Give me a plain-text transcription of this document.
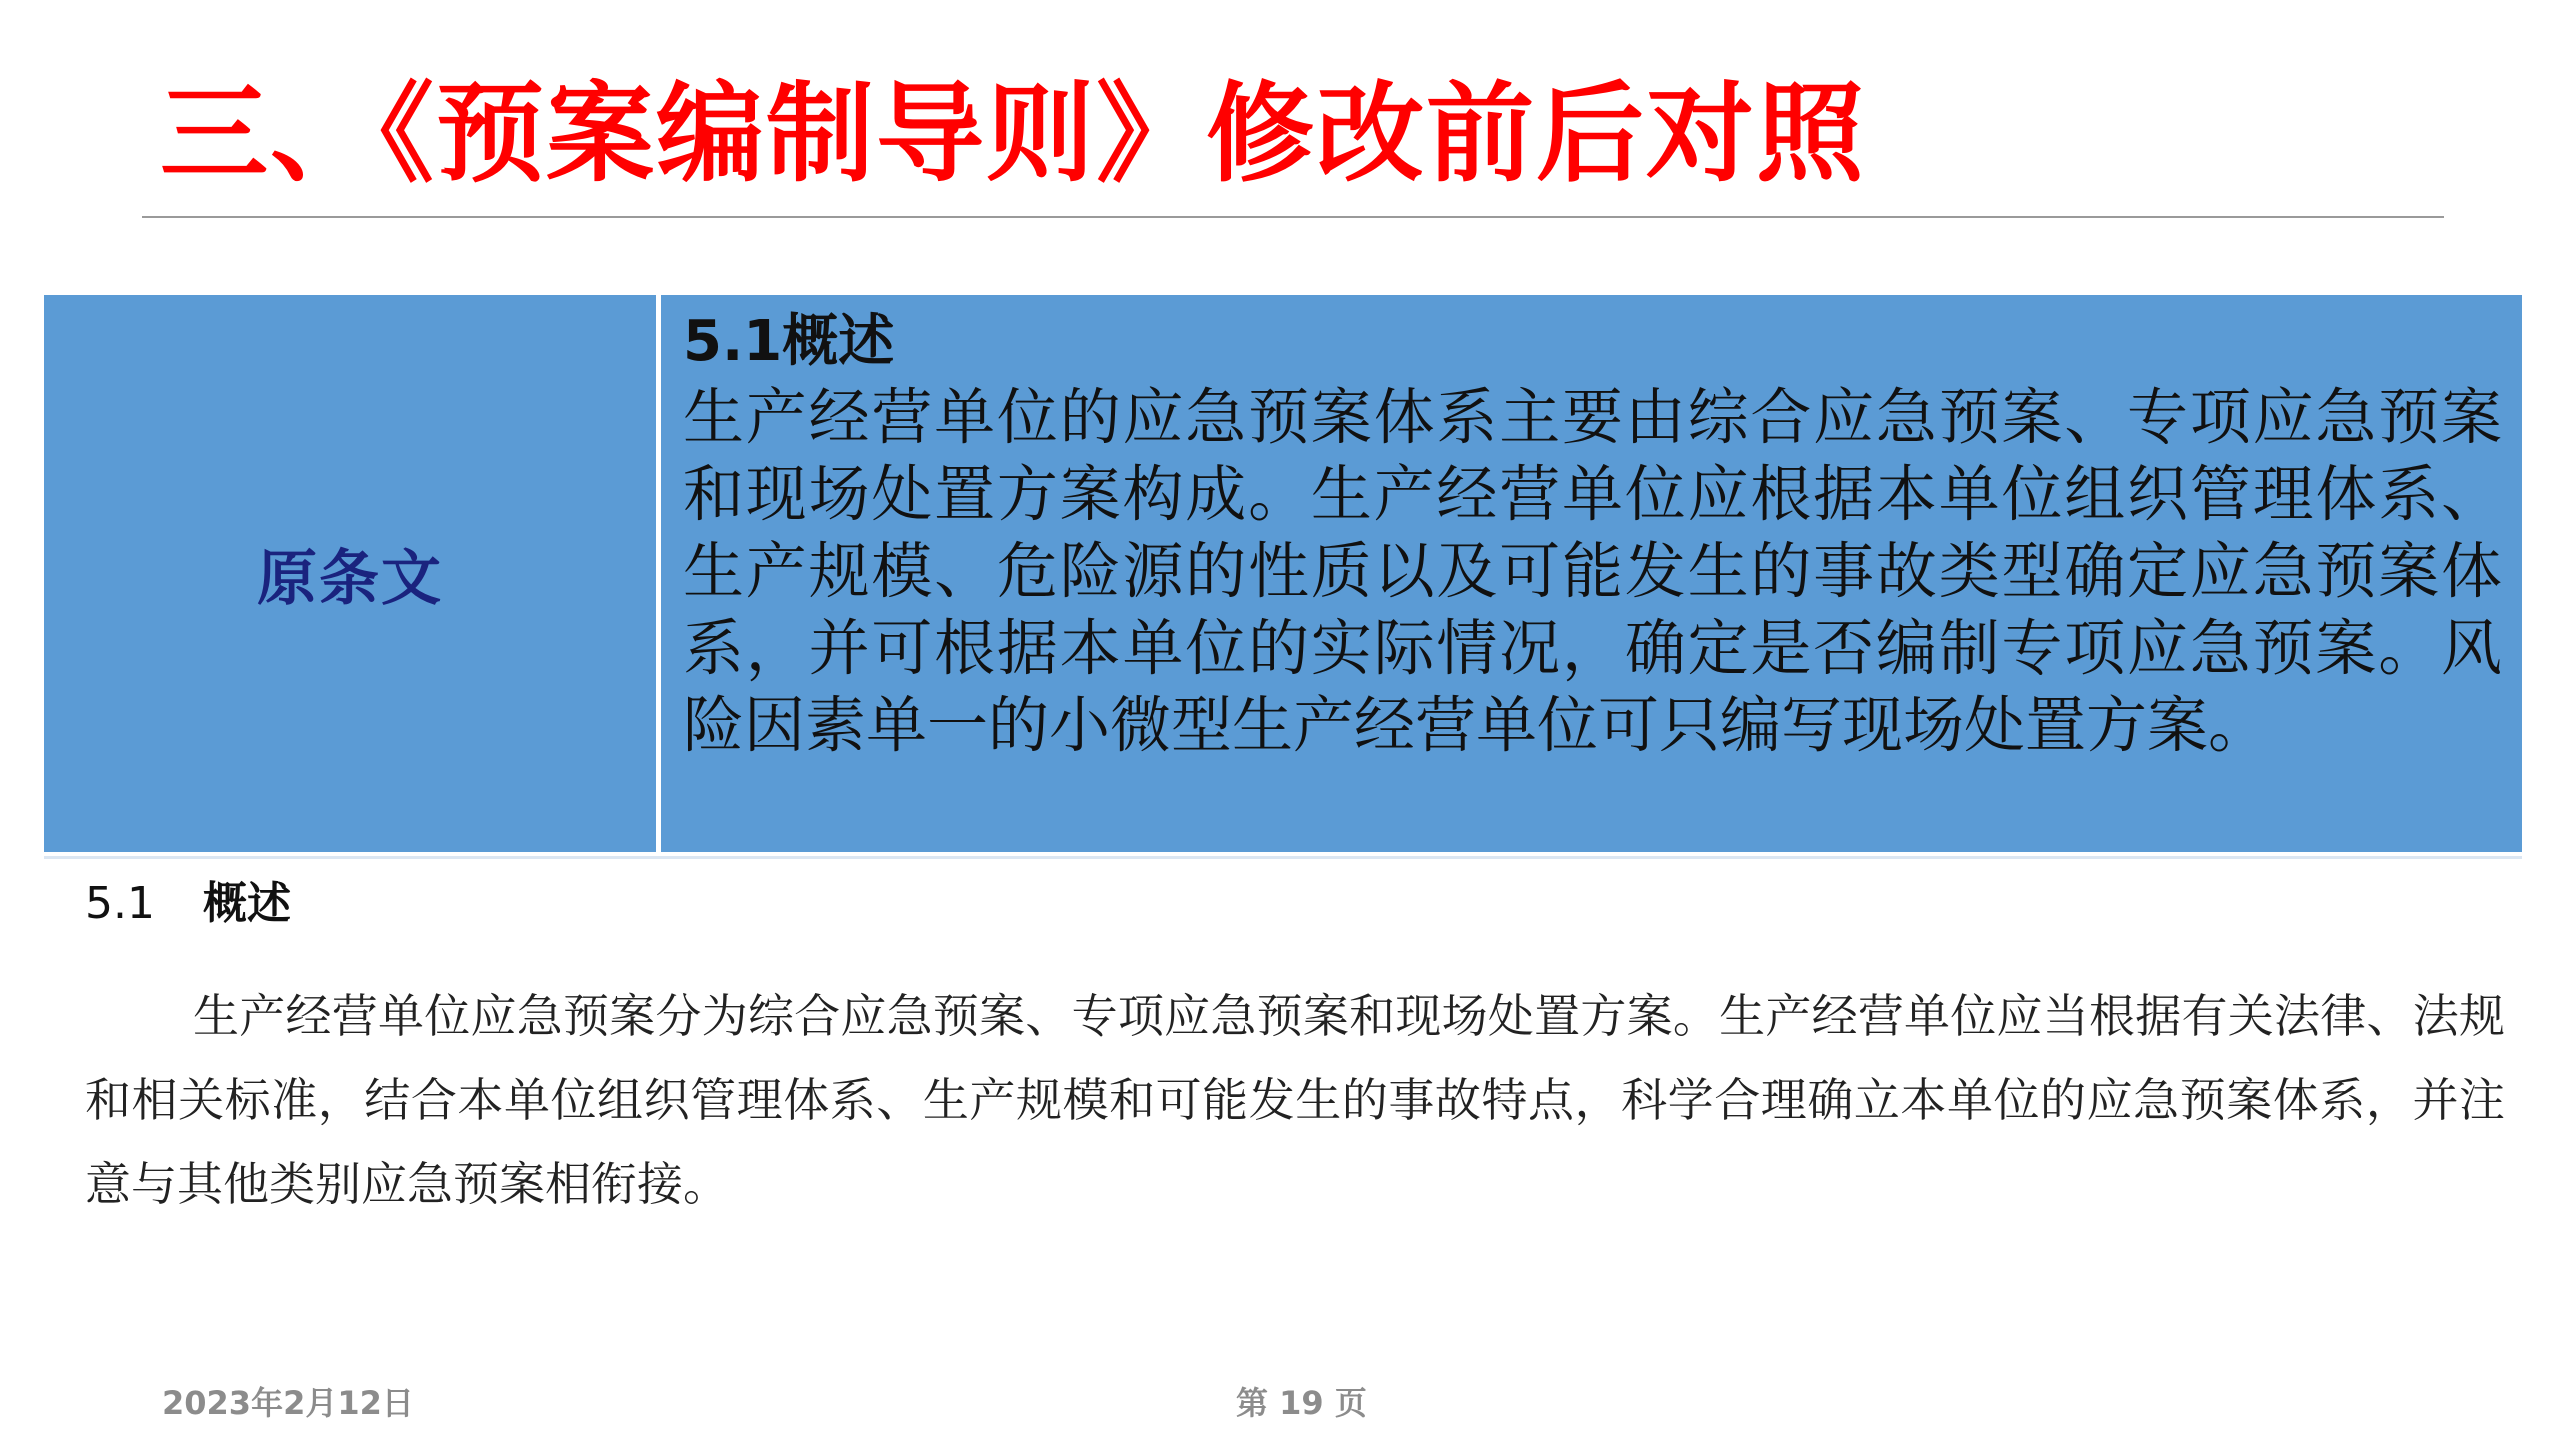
三、《预案编制导则》修改前后对照
原条文
5.1概述
生产经营单位的应急预案体系主要由综合应急预案、专项应急预案和现场处置方案构成。生产经营单位应根据本单位组织管理体系、生产规模、危险源的性质以及可能发生的事故类型确定应急预案体系，并可根据本单位的实际情况，确定是否编制专项应急预案。风险因素单一的小微型生产经营单位可只编写现场处置方案。
5.1 概述
生产经营单位应急预案分为综合应急预案、专项应急预案和现场处置方案。生产经营单位应当根据有关法律、法规和相关标准，结合本单位组织管理体系、生产规模和可能发生的事故特点，科学合理确立本单位的应急预案体系，并注意与其他类别应急预案相衔接。
2023年2月12日	第 19 页
